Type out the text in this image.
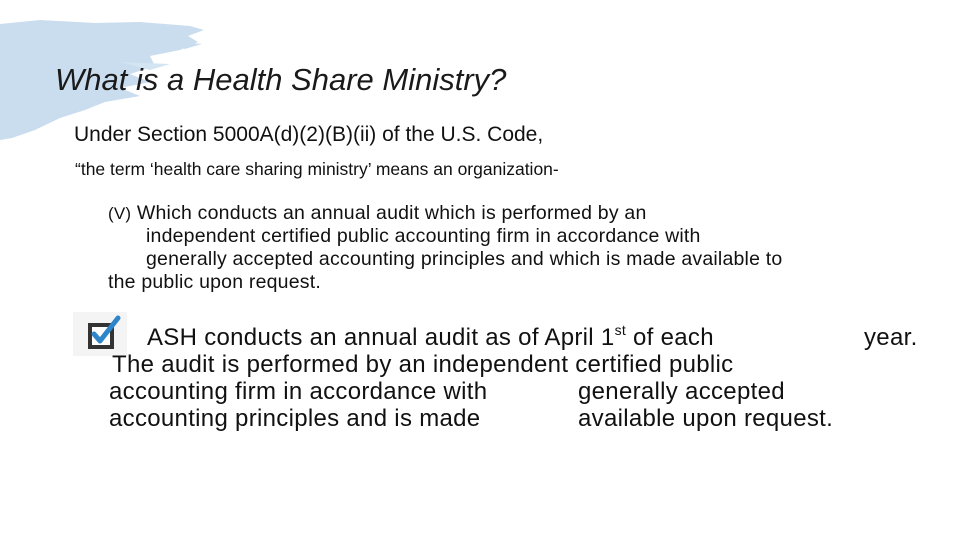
What is a Health Share Ministry?
Under Section 5000A(d)(2)(B)(ii) of the U.S. Code,
“the term ‘health care sharing ministry’ means an organization-
(V) Which conducts an annual audit which is performed by an
independent certified public accounting firm in accordance with
generally accepted accounting principles and which is made available to
the public upon request.
ASH conducts an annual audit as of April 1st of each	year.
The audit is performed by an independent certified public
accounting firm in accordance with	generally accepted
accounting principles and is made	available upon request.
